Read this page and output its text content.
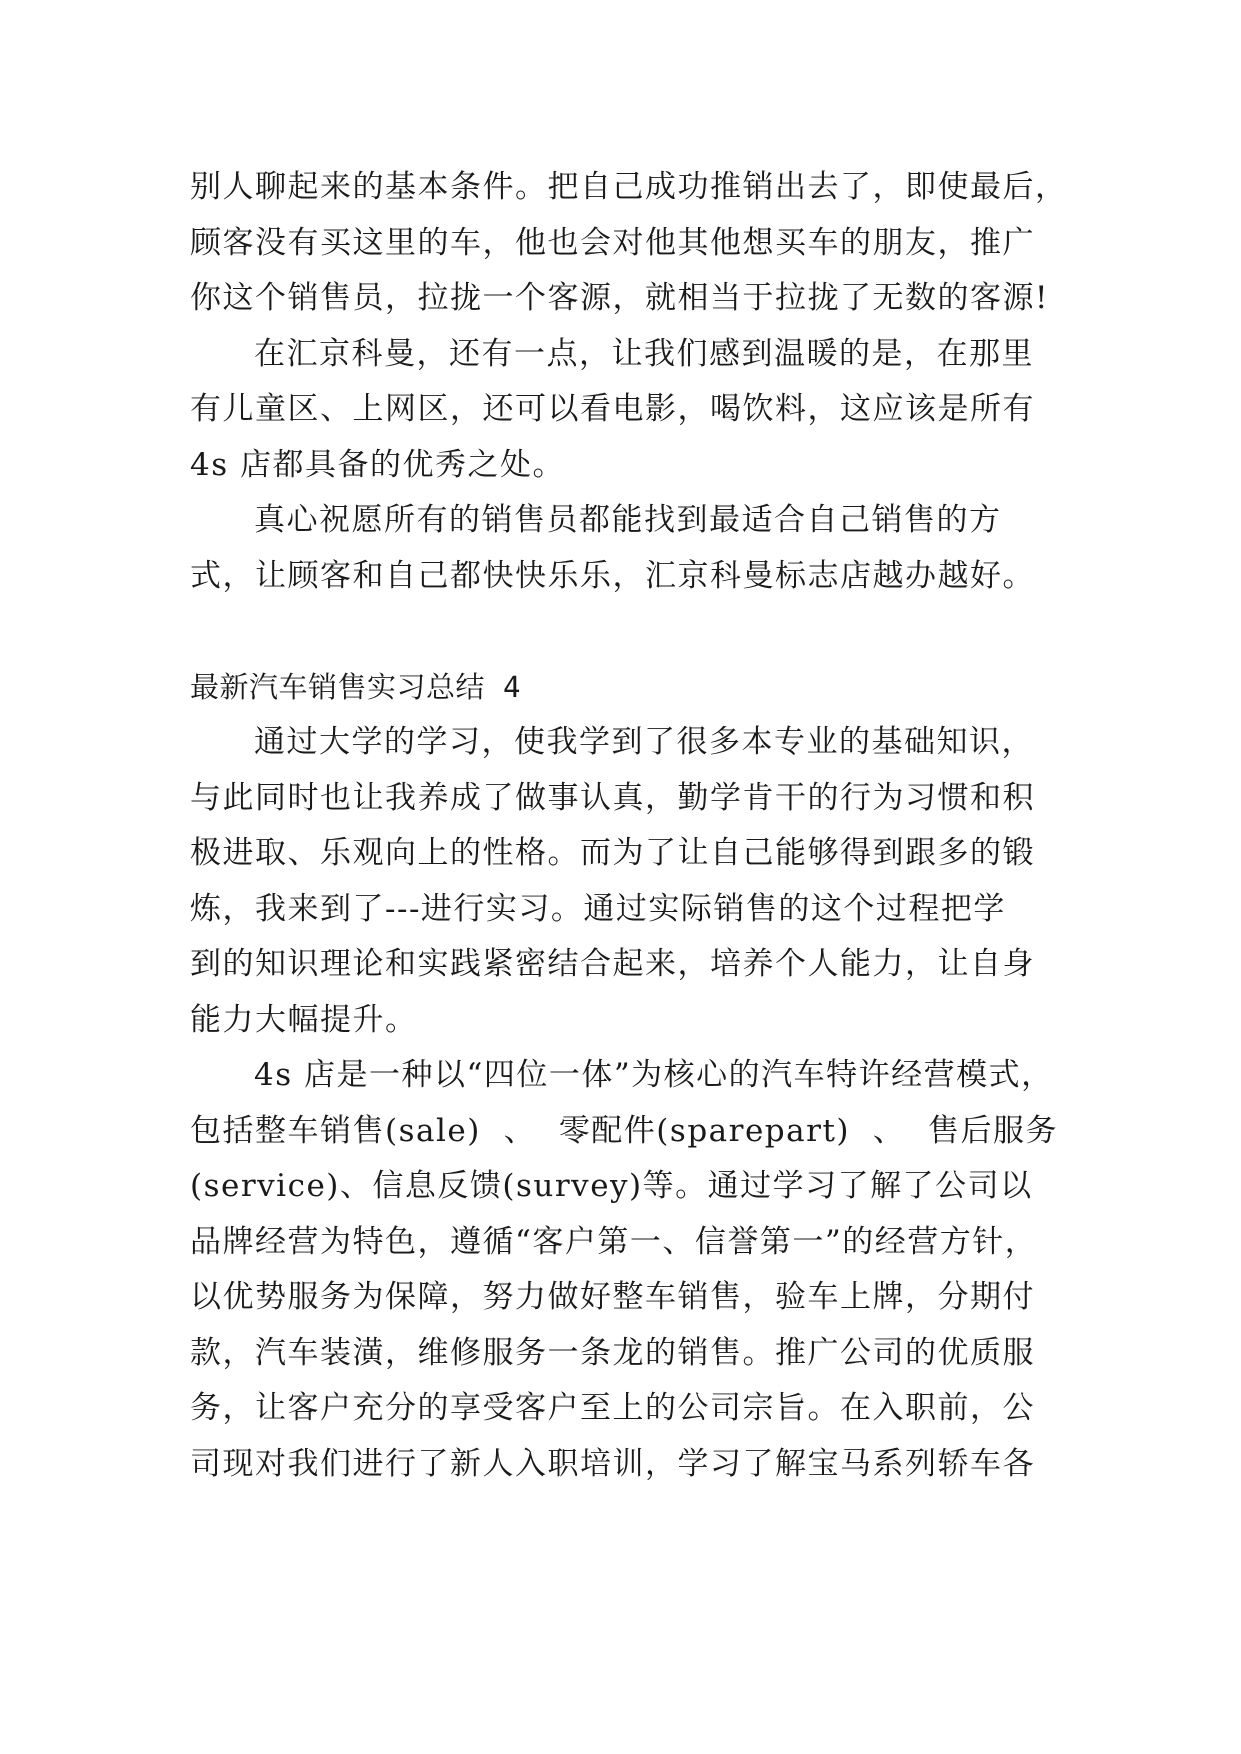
别人聊起来的基本条件。把自己成功推销出去了，即使最后，
顾客没有买这里的车，他也会对他其他想买车的朋友，推广
你这个销售员，拉拢一个客源，就相当于拉拢了无数的客源!
在汇京科曼，还有一点，让我们感到温暖的是，在那里
有儿童区、上网区，还可以看电影，喝饮料，这应该是所有
4s 店都具备的优秀之处。
真心祝愿所有的销售员都能找到最适合自己销售的方
式，让顾客和自己都快快乐乐，汇京科曼标志店越办越好。
最新汽车销售实习总结 4
通过大学的学习，使我学到了很多本专业的基础知识，
与此同时也让我养成了做事认真，勤学肯干的行为习惯和积
极进取、乐观向上的性格。而为了让自己能够得到跟多的锻
炼，我来到了---进行实习。通过实际销售的这个过程把学
到的知识理论和实践紧密结合起来，培养个人能力，让自身
能力大幅提升。
4s 店是一种以“四位一体”为核心的汽车特许经营模式，
包括整车销售(sale) 、 零配件(sparepart) 、 售后服务
(service)、信息反馈(survey)等。通过学习了解了公司以
品牌经营为特色，遵循“客户第一、信誉第一”的经营方针，
以优势服务为保障，努力做好整车销售，验车上牌，分期付
款，汽车装潢，维修服务一条龙的销售。推广公司的优质服
务，让客户充分的享受客户至上的公司宗旨。在入职前，公
司现对我们进行了新人入职培训，学习了解宝马系列轿车各
